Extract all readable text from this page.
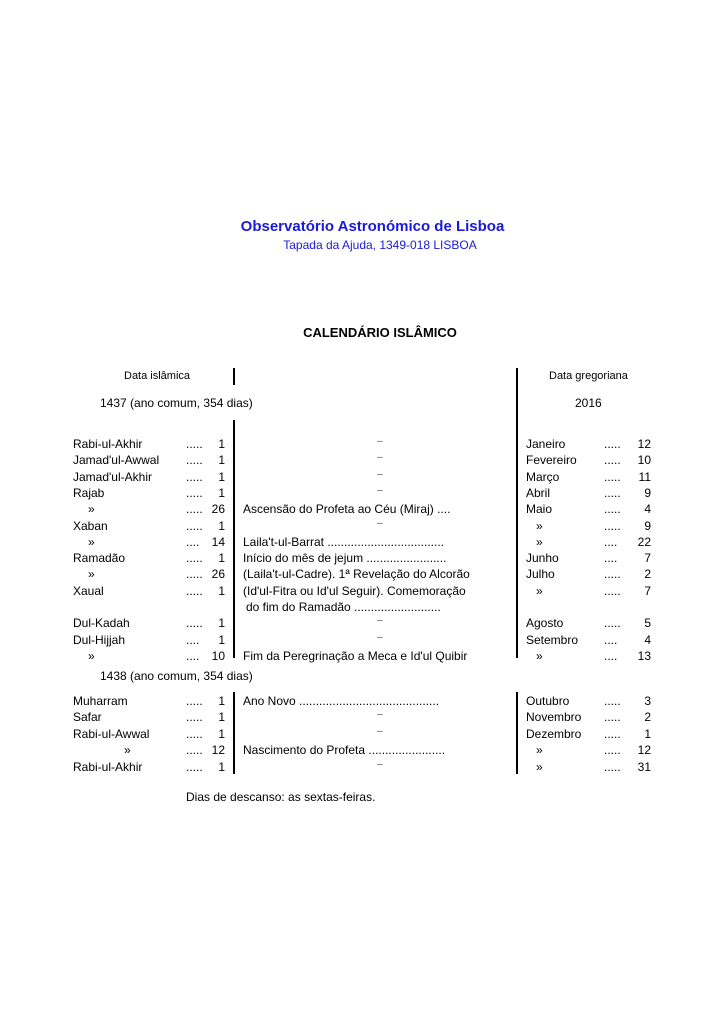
Observatório Astronómico de Lisboa
Tapada da Ajuda, 1349-018 LISBOA
CALENDÁRIO ISLÂMICO
Data islâmica	Data gregoriana
1437 (ano comum, 354 dias)	2016
Rabi-ul-Akhir	..... 1	–	Janeiro	..... 12
Jamad'ul-Awwal ..... 1	–	Fevereiro ..... 10
Jamad'ul-Akhir	..... 1	–	Março	..... 11
Rajab	..... 1	–	Abril	..... 9
»	..... 26 Ascensão do Profeta ao Céu (Miraj) ....	Maio	..... 4
Xaban	..... 1	–	»	..... 9
»	.... 14 Laila't-ul-Barrat ...................................	»	.... 22
Ramadão	..... 1 Início do mês de jejum ........................	Junho	.... 7
»	..... 26 (Laila't-ul-Cadre). 1ª Revelação do Alcorão	Julho	..... 2
Xaual	..... 1 (Id'ul-Fitra ou Id'ul Seguir). Comemoração	»	..... 7
do fim do Ramadão ..........................
Dul-Kadah	..... 1	–	Agosto	..... 5
Dul-Hijjah	.... 1	–	Setembro .... 4
»	.... 10 Fim da Peregrinação a Meca e Id'ul Quibir	»	.... 13
1438 (ano comum, 354 dias)
Muharram	..... 1 Ano Novo ..........................................	Outubro	..... 3
Safar	..... 1	–	Novembro ..... 2
Rabi-ul-Awwal	..... 1	–	Dezembro ..... 1
»	..... 12 Nascimento do Profeta .......................	»	..... 12
Rabi-ul-Akhir	..... 1	–	»	..... 31
Dias de descanso: as sextas-feiras.
